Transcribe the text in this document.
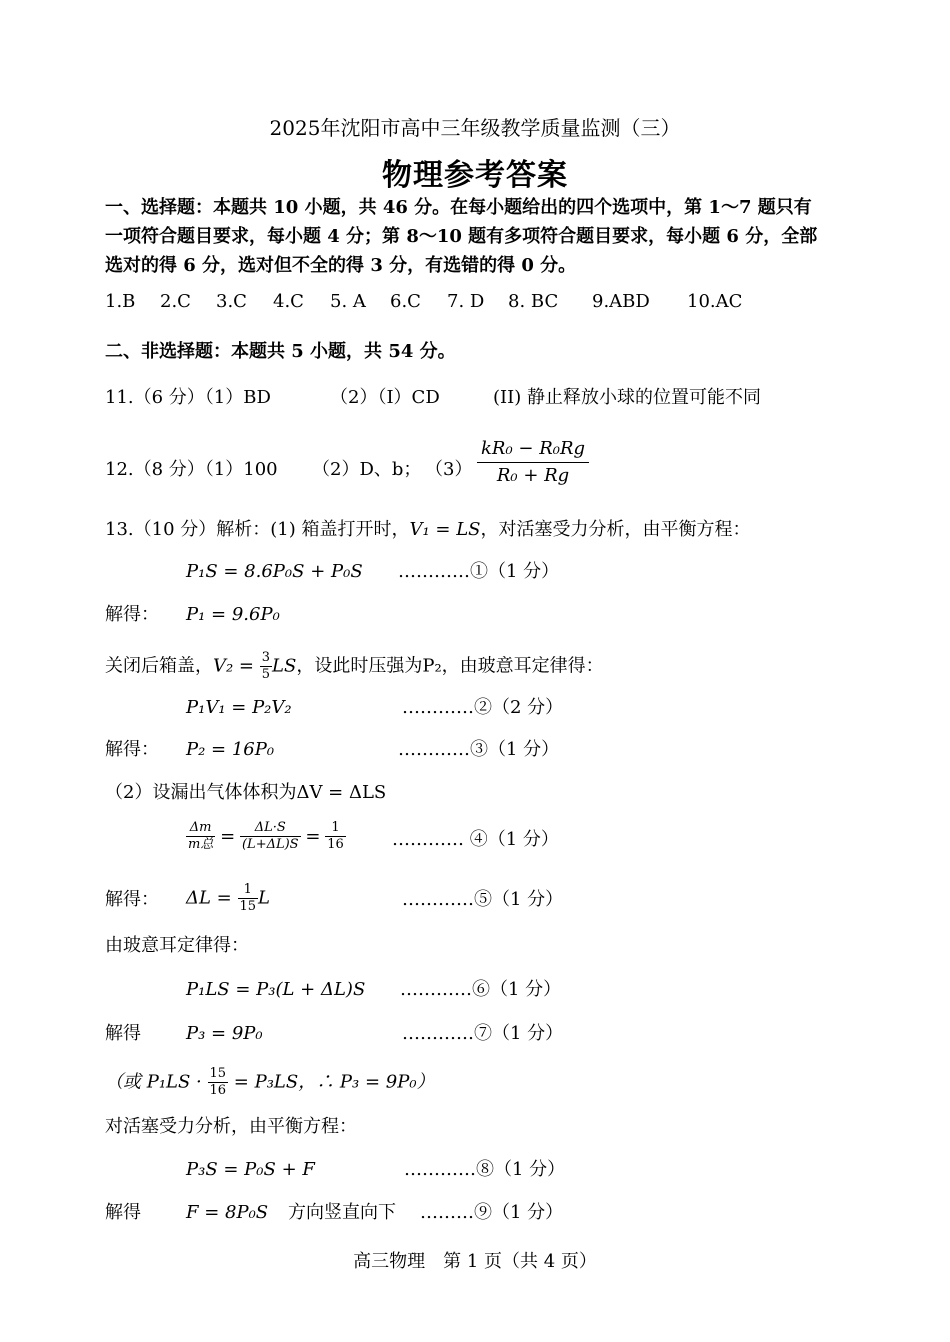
2025年沈阳市高中三年级教学质量监测（三）
物理参考答案
一、选择题：本题共 10 小题，共 46 分。在每小题给出的四个选项中，第 1～7 题只有一项符合题目要求，每小题 4 分；第 8～10 题有多项符合题目要求，每小题 6 分，全部选对的得 6 分，选对但不全的得 3 分，有选错的得 0 分。
1.B 2.C 3.C 4.C 5. A 6.C 7. D 8. BC 9.ABD 10.AC
二、非选择题：本题共 5 小题，共 54 分。
11.（6 分）（1）BD	（2）（I）CD	(II) 静止释放小球的位置可能不同
12.（8 分）（1）100 （2）D、b； $(3) \frac{\text{kR₀ − R₀Rg}}{\text{R₀ + Rg}}$
13.（10 分）解析：(1) 箱盖打开时，V₁ = LS，对活塞受力分析，由平衡方程：
P₁S = 8.6P₀S + P₀S …………①（1 分）
解得： P₁ = 9.6P₀
关闭后箱盖，$V_2 = \frac{3}{5}$ LS，设此时压强为P₂，由玻意耳定律得：
P₁V₁ = P₂V₂	…………②（2 分）
解得： P₂ = 16P₀	…………③（1 分）
（2）设漏出气体体积为ΔV = ΔLS
$\frac{\Delta m}{\text{m总}} = \frac{\Delta L\cdot S}{(L+\Delta L)S} = \frac{1}{16}$	………… ④（1 分）
解得： $\Delta L = \frac{1}{15}$ L	…………⑤（1 分）
由玻意耳定律得：
P₁LS = P₃(L + ΔL)S …………⑥（1 分）
解得	P₃ = 9P₀	…………⑦（1 分）
（或 $P_1LS \cdot \frac{15}{16} = P_3LS$，∴ P₃ = 9P₀）
对活塞受力分析，由平衡方程：
P₃S = P₀S + F	…………⑧（1 分）
解得	F = 8P₀S 方向竖直向下 ………⑨（1 分）
高三物理　第 1 页（共 4 页）
